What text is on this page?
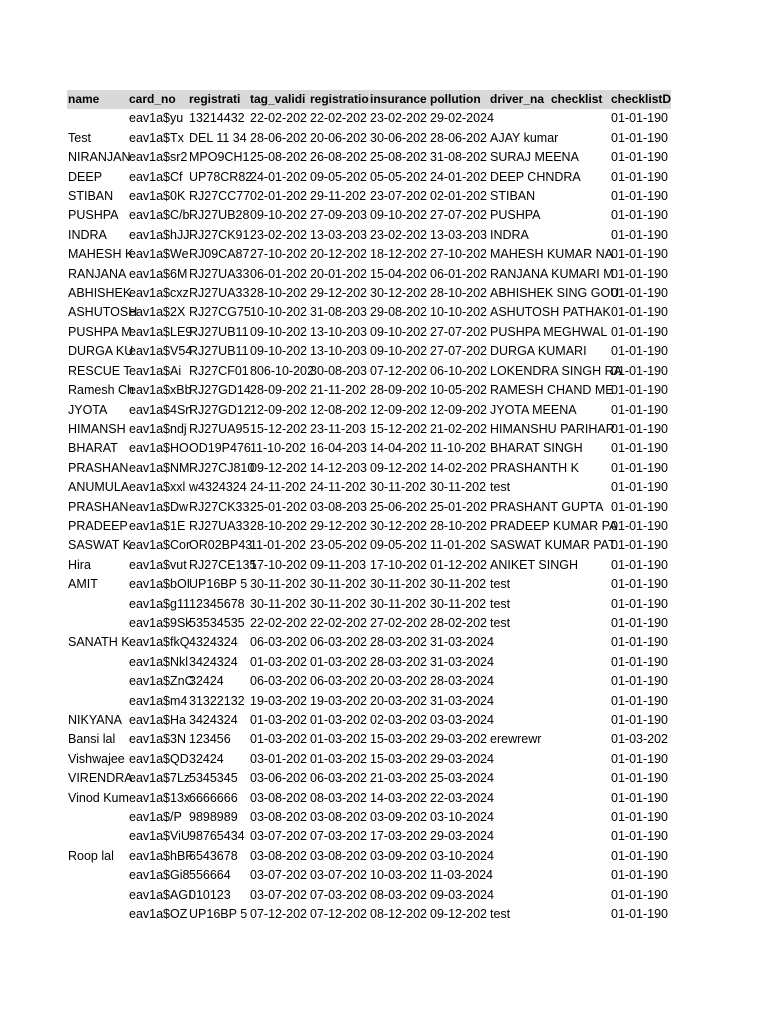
name	card_no	registrati	tag_validi	registratio	insurance	pollution	driver_na	checklist	checklistD
	eav1a$yu	13214432	22-02-202	22-02-202	23-02-202	29-02-2024			01-01-190
Test	eav1a$Tx	DEL 11 34	28-06-202	20-06-202	30-06-202	28-06-202	AJAY kumar		01-01-190
NIRANJAN	eav1a$sr2	MPO9CH1	25-08-202	26-08-202	25-08-202	31-08-202	SURAJ MEENA		01-01-190
DEEP	eav1a$Cf	UP78CR82	24-01-202	09-05-202	05-05-202	24-01-202	DEEP CHNDRA		01-01-190
STIBAN	eav1a$0K	RJ27CC77	02-01-202	29-11-202	23-07-202	02-01-202	STIBAN		01-01-190
PUSHPA	eav1a$C/b	RJ27UB28	09-10-202	27-09-203	09-10-202	27-07-202	PUSHPA		01-01-190
INDRA	eav1a$hJJ	RJ27CK91	23-02-202	13-03-203	23-02-202	13-03-203	INDRA		01-01-190
MAHESH K	eav1a$We	RJ09CA87	27-10-202	20-12-202	18-12-202	27-10-202	MAHESH KUMAR NA		01-01-190
RANJANA	eav1a$6M	RJ27UA33	06-01-202	20-01-202	15-04-202	06-01-202	RANJANA KUMARI M		01-01-190
ABHISHEK	eav1a$cxz	RJ27UA33	28-10-202	29-12-202	30-12-202	28-10-202	ABHISHEK SING GOU		01-01-190
ASHUTOSH	eav1a$2X	RJ27CG75	10-10-202	31-08-203	29-08-202	10-10-202	ASHUTOSH PATHAK		01-01-190
PUSHPA M	eav1a$LE9	RJ27UB11	09-10-202	13-10-203	09-10-202	27-07-202	PUSHPA MEGHWAL		01-01-190
DURGA KU	eav1a$V54	RJ27UB11	09-10-202	13-10-203	09-10-202	27-07-202	DURGA KUMARI		01-01-190
RESCUE T	eav1a$Ai	RJ27CF01	806-10-202	30-08-203	07-12-202	06-10-202	LOKENDRA SINGH RA		01-01-190
Ramesh Ch	eav1a$xBb	RJ27GD14	28-09-202	21-11-202	28-09-202	10-05-202	RAMESH CHAND ME		01-01-190
JYOTA	eav1a$4Sn	RJ27GD12	12-09-202	12-08-202	12-09-202	12-09-202	JYOTA MEENA		01-01-190
HIMANSH	eav1a$ndj	RJ27UA95	15-12-202	23-11-203	15-12-202	21-02-202	HIMANSHU PARIHAR		01-01-190
BHARAT	eav1a$HO	OD19P476	11-10-202	16-04-203	14-04-202	11-10-202	BHARAT SINGH		01-01-190
PRASHAN	eav1a$NM	RJ27CJ810	09-12-202	14-12-203	09-12-202	14-02-202	PRASHANTH K		01-01-190
ANUMULA	eav1a$xxl	w4324324	24-11-202	24-11-202	30-11-202	30-11-202	test		01-01-190
PRASHAN	eav1a$Dw	RJ27CK33	25-01-202	03-08-203	25-06-202	25-01-202	PRASHANT GUPTA		01-01-190
PRADEEP	eav1a$1E	RJ27UA33	28-10-202	29-12-202	30-12-202	28-10-202	PRADEEP KUMAR PA		01-01-190
SASWAT K	eav1a$Cor	OR02BP43	11-01-202	23-05-202	09-05-202	11-01-202	SASWAT KUMAR PAT		01-01-190
Hira	eav1a$vut	RJ27CE135	17-10-202	09-11-203	17-10-202	01-12-202	ANIKET SINGH		01-01-190
AMIT	eav1a$bOI	UP16BP 5	30-11-202	30-11-202	30-11-202	30-11-202	test		01-01-190
	eav1a$g11	12345678	30-11-202	30-11-202	30-11-202	30-11-202	test		01-01-190
	eav1a$9Sk	53534535	22-02-202	22-02-202	27-02-202	28-02-202	test		01-01-190
SANATH K	eav1a$fkQ	4324324	06-03-202	06-03-202	28-03-202	31-03-2024			01-01-190
	eav1a$Nkl	3424324	01-03-202	01-03-202	28-03-202	31-03-2024			01-01-190
	eav1a$ZnC	32424	06-03-202	06-03-202	20-03-202	28-03-2024			01-01-190
	eav1a$m4	31322132	19-03-202	19-03-202	20-03-202	31-03-2024			01-01-190
NIKYANA	eav1a$Ha	3424324	01-03-202	01-03-202	02-03-202	03-03-2024			01-01-190
Bansi lal	eav1a$3N	123456	01-03-202	01-03-202	15-03-202	29-03-202	erewrewr		01-03-202
Vishwajee	eav1a$QD	32424	03-01-202	01-03-202	15-03-202	29-03-2024			01-01-190
VIRENDRA	eav1a$7Lz	5345345	03-06-202	06-03-202	21-03-202	25-03-2024			01-01-190
Vinod Kum	eav1a$13x	6666666	03-08-202	08-03-202	14-03-202	22-03-2024			01-01-190
	eav1a$/P	9898989	03-08-202	03-08-202	03-09-202	03-10-2024			01-01-190
	eav1a$ViU	98765434	03-07-202	07-03-202	17-03-202	29-03-2024			01-01-190
Roop lal	eav1a$hBF	6543678	03-08-202	03-08-202	03-09-202	03-10-2024			01-01-190
	eav1a$Gi8	556664	03-07-202	03-07-202	10-03-202	11-03-2024			01-01-190
	eav1a$AGI	010123	03-07-202	07-03-202	08-03-202	09-03-2024			01-01-190
	eav1a$OZ	UP16BP 5	07-12-202	07-12-202	08-12-202	09-12-202	test		01-01-190
